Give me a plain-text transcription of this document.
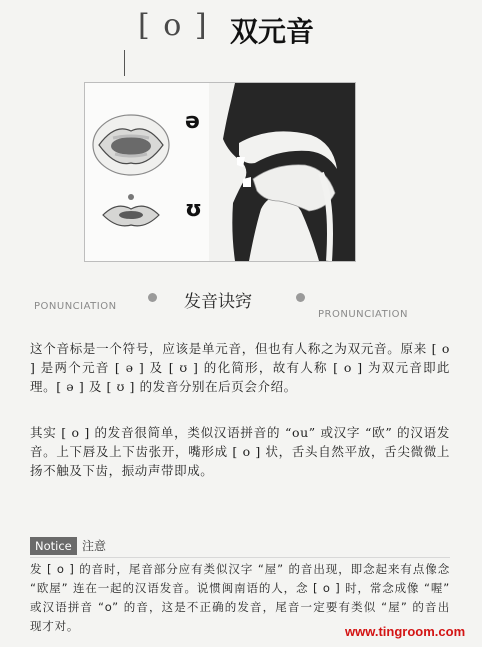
[ o ] 双元音
ə
ʊ
PONUNCIATION
PRONUNCIATION
发音诀窍

这个音标是一个符号，应该是单元音，但也有人称之为双元音。原来 [ o ] 是两个元音 [ ə ] 及 [ ʊ ] 的化简形，故有人称 [ o ] 为双元音即此理。[ ə ] 及 [ ʊ ] 的发音分别在后页会介绍。

其实 [ o ] 的发音很简单，类似汉语拼音的 “ou” 或汉字 “欧” 的汉语发音。上下唇及上下齿张开，嘴形成 [ o ] 状，舌头自然平放，舌尖微微上扬不触及下齿，振动声带即成。

Notice 注意

发 [ o ] 的音时，尾音部分应有类似汉字 “屋” 的音出现，即念起来有点像念 “欧屋” 连在一起的汉语发音。说惯闽南语的人，念 [ o ] 时，常念成像 “喔” 或汉语拼音 “o” 的音，这是不正确的发音，尾音一定要有类似 “屋” 的音出现才对。	www.tingroom.com
